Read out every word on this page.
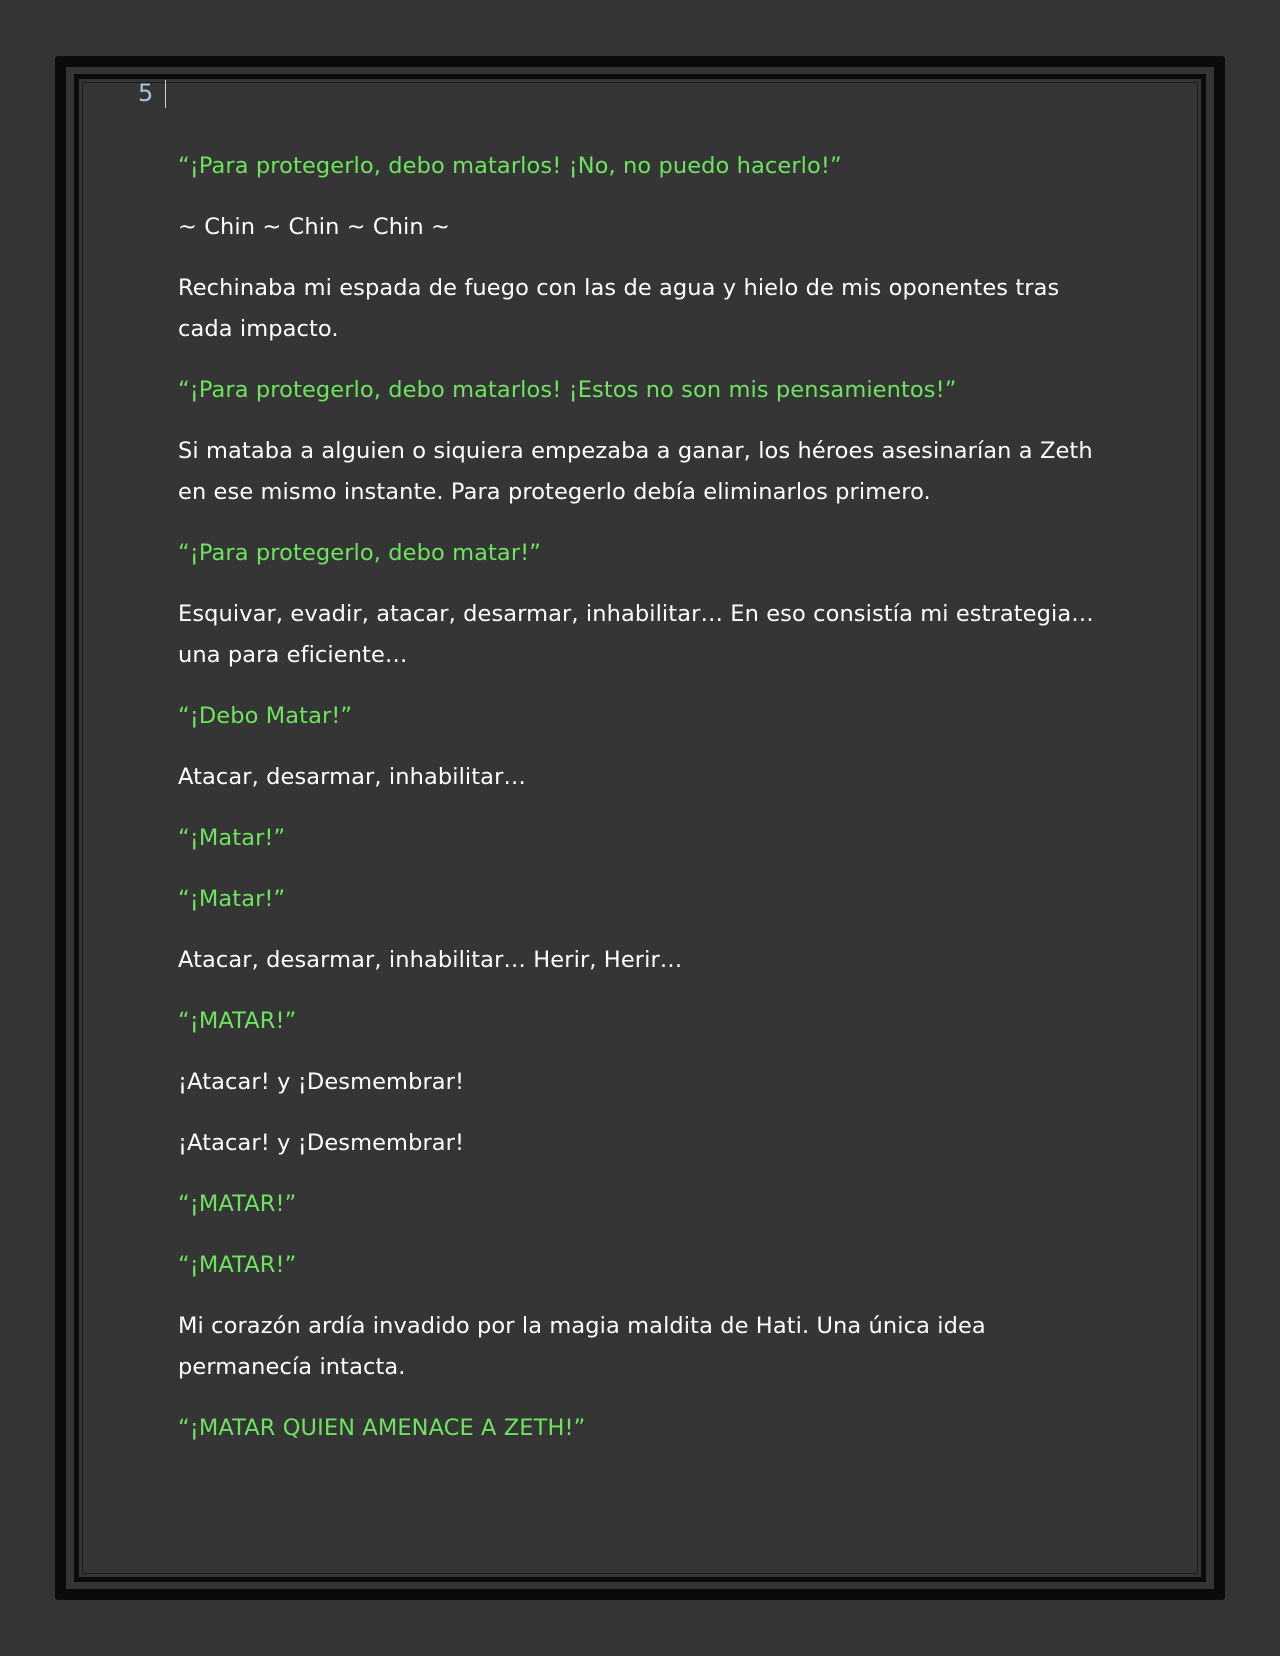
5

“¡Para protegerlo, debo matarlos! ¡No, no puedo hacerlo!”

~ Chin ~ Chin ~ Chin ~

Rechinaba mi espada de fuego con las de agua y hielo de mis oponentes tras cada impacto.

“¡Para protegerlo, debo matarlos! ¡Estos no son mis pensamientos!”

Si mataba a alguien o siquiera empezaba a ganar, los héroes asesinarían a Zeth en ese mismo instante. Para protegerlo debía eliminarlos primero.

“¡Para protegerlo, debo matar!”

Esquivar, evadir, atacar, desarmar, inhabilitar… En eso consistía mi estrategia… una para eficiente…

“¡Debo Matar!”

Atacar, desarmar, inhabilitar…

“¡Matar!”

“¡Matar!”

Atacar, desarmar, inhabilitar… Herir, Herir…

“¡MATAR!”

¡Atacar! y ¡Desmembrar!

¡Atacar! y ¡Desmembrar!

“¡MATAR!”

“¡MATAR!”

Mi corazón ardía invadido por la magia maldita de Hati. Una única idea permanecía intacta.

“¡MATAR QUIEN AMENACE A ZETH!”
